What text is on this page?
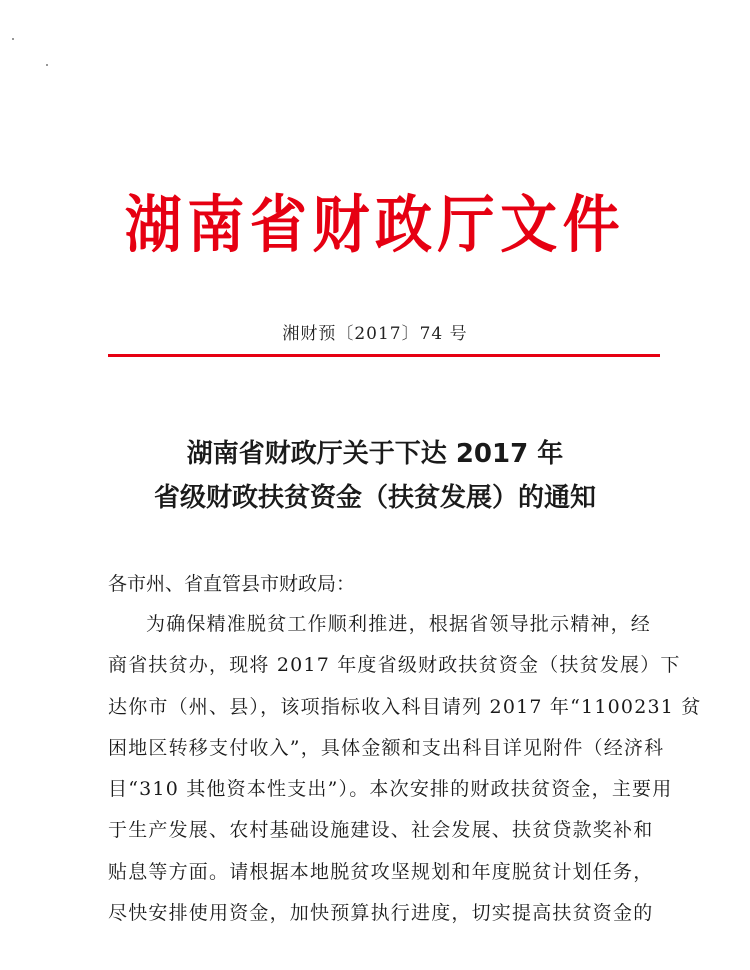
湖南省财政厅文件
湘财预〔2017〕74 号
湖南省财政厅关于下达 2017 年
省级财政扶贫资金（扶贫发展）的通知
各市州、省直管县市财政局：
为确保精准脱贫工作顺利推进，根据省领导批示精神，经
商省扶贫办，现将 2017 年度省级财政扶贫资金（扶贫发展）下
达你市（州、县），该项指标收入科目请列 2017 年“1100231 贫
困地区转移支付收入”，具体金额和支出科目详见附件（经济科
目“310 其他资本性支出”）。本次安排的财政扶贫资金，主要用
于生产发展、农村基础设施建设、社会发展、扶贫贷款奖补和
贴息等方面。请根据本地脱贫攻坚规划和年度脱贫计划任务，
尽快安排使用资金，加快预算执行进度，切实提高扶贫资金的
